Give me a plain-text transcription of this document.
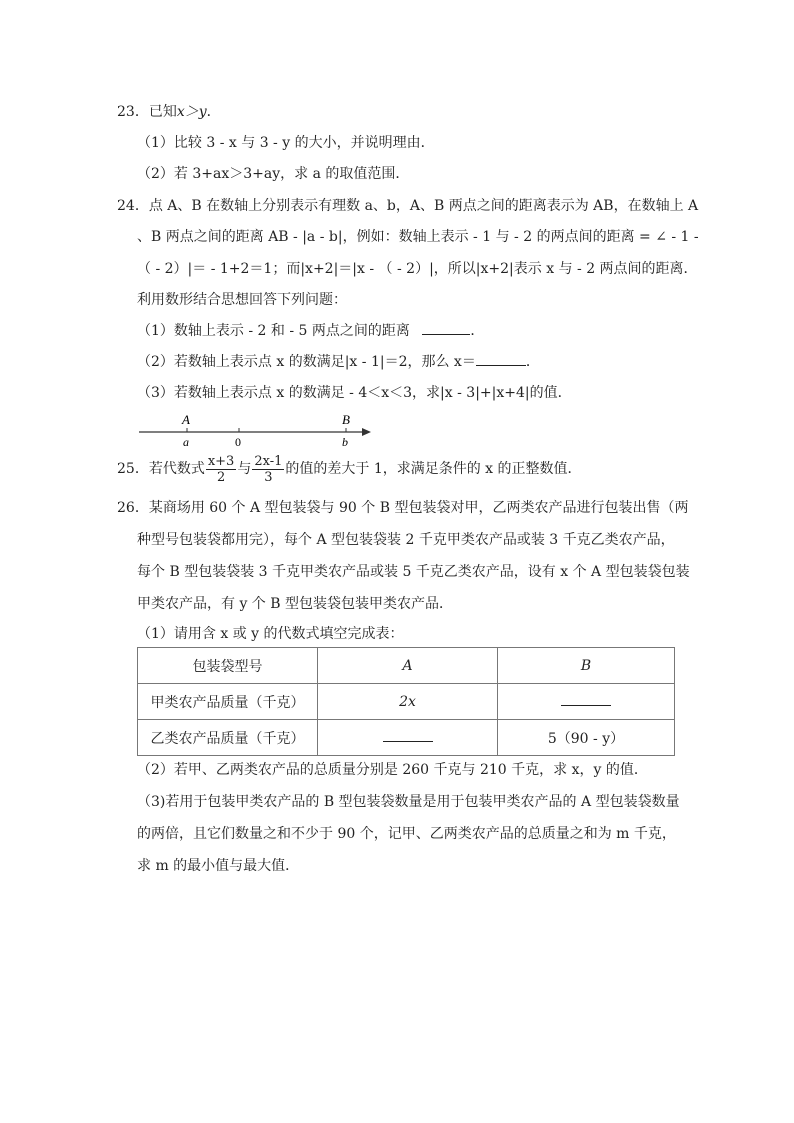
23．已知x＞y．
（1）比较 3 - x 与 3 - y 的大小，并说明理由．
（2）若 3+ax＞3+ay，求 a 的取值范围．
24．点 A、B 在数轴上分别表示有理数 a、b，A、B 两点之间的距离表示为 AB，在数轴上 A
、B 两点之间的距离 AB - |a - b|，例如：数轴上表示 - 1 与 - 2 的两点间的距离 = ∠ - 1 -
（ - 2）|＝ - 1+2＝1；而|x+2|＝|x - （ - 2）|，所以|x+2|表示 x 与 - 2 两点间的距离．
利用数形结合思想回答下列问题：
（1）数轴上表示 - 2 和 - 5 两点之间的距离	．
（2）若数轴上表示点 x 的数满足|x - 1|＝2，那么 x＝	．
（3）若数轴上表示点 x 的数满足 - 4＜x＜3，求|x - 3|+|x+4|的值．
A	B
a	0	b
25．若代数式 $\frac{x+3}{2}$ 与 $\frac{2x-1}{3}$ 的值的差大于 1，求满足条件的 x 的正整数值．
26．某商场用 60 个 A 型包装袋与 90 个 B 型包装袋对甲，乙两类农产品进行包装出售（两
种型号包装袋都用完），每个 A 型包装袋装 2 千克甲类农产品或装 3 千克乙类农产品，
每个 B 型包装袋装 3 千克甲类农产品或装 5 千克乙类农产品，设有 x 个 A 型包装袋包装
甲类农产品，有 y 个 B 型包装袋包装甲类农产品．
（1）请用含 x 或 y 的代数式填空完成表：
包装袋型号	A	B
甲类农产品质量（千克）	2x	
乙类农产品质量（千克）		5（90 - y）
（2）若甲、乙两类农产品的总质量分别是 260 千克与 210 千克，求 x，y 的值．
（3)若用于包装甲类农产品的 B 型包装袋数量是用于包装甲类农产品的 A 型包装袋数量
的两倍，且它们数量之和不少于 90 个，记甲、乙两类农产品的总质量之和为 m 千克，
求 m 的最小值与最大值．
